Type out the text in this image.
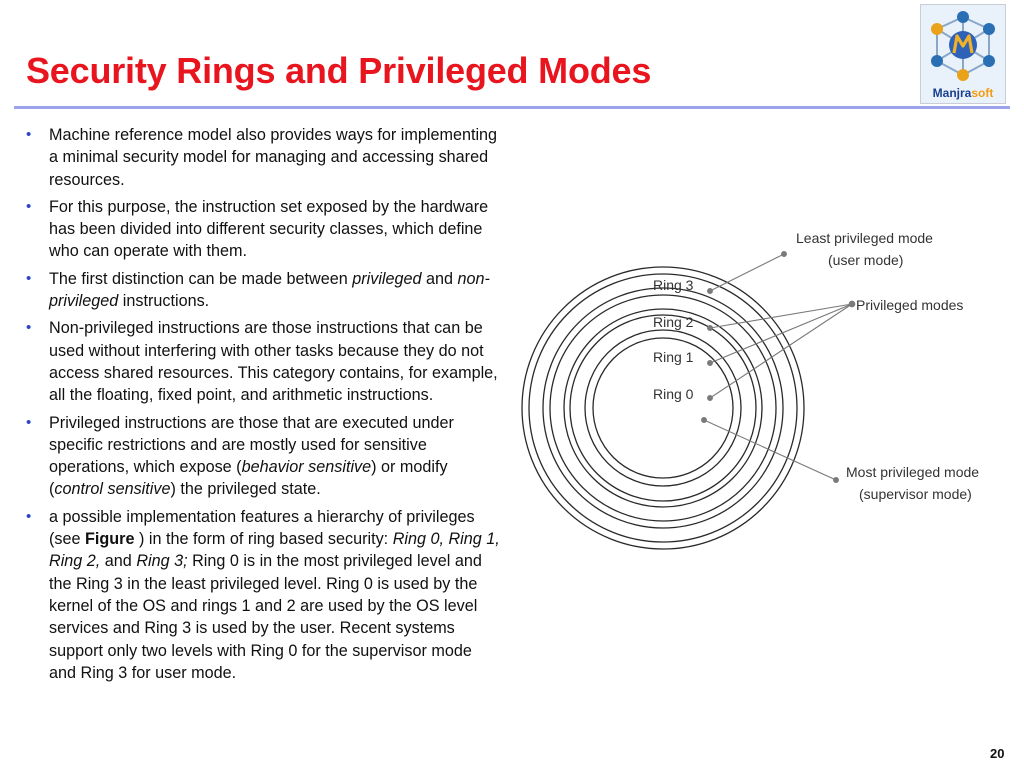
Security Rings and Privileged Modes
Manjrasoft
• Machine reference model also provides ways for implementing a minimal security model for managing and accessing shared resources.
• For this purpose, the instruction set exposed by the hardware has been divided into different security classes, which define who can operate with them.
• The first distinction can be made between privileged and non-privileged instructions.
• Non-privileged instructions are those instructions that can be used without interfering with other tasks because they do not access shared resources. This category contains, for example, all the floating, fixed point, and arithmetic instructions.
• Privileged instructions are those that are executed under specific restrictions and are mostly used for sensitive operations, which expose (behavior sensitive) or modify (control sensitive) the privileged state.
• a possible implementation features a hierarchy of privileges (see Figure ) in the form of ring based security: Ring 0, Ring 1, Ring 2, and Ring 3; Ring 0 is in the most privileged level and the Ring 3 in the least privileged level. Ring 0 is used by the kernel of the OS and rings 1 and 2 are used by the OS level services and Ring 3 is used by the user. Recent systems support only two levels with Ring 0 for the supervisor mode and Ring 3 for user mode.
Ring 3
Ring 2
Ring 1
Ring 0
Least privileged mode
(user mode)
Privileged modes
Most privileged mode
(supervisor mode)
20
